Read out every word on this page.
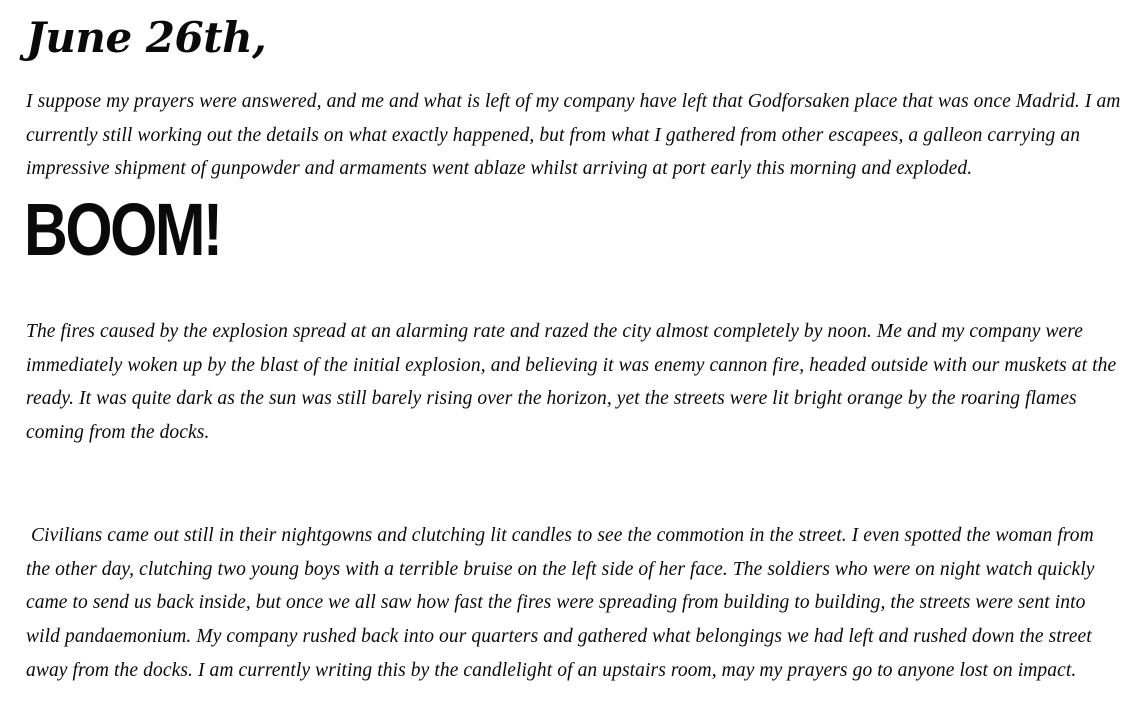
June 26th,

I suppose my prayers were answered, and me and what is left of my company have left that Godforsaken place that was once Madrid. I am currently still working out the details on what exactly happened, but from what I gathered from other escapees, a galleon carrying an impressive shipment of gunpowder and armaments went ablaze whilst arriving at port early this morning and exploded.

BOOM!

The fires caused by the explosion spread at an alarming rate and razed the city almost completely by noon. Me and my company were immediately woken up by the blast of the initial explosion, and believing it was enemy cannon fire, headed outside with our muskets at the ready. It was quite dark as the sun was still barely rising over the horizon, yet the streets were lit bright orange by the roaring flames coming from the docks.

Civilians came out still in their nightgowns and clutching lit candles to see the commotion in the street. I even spotted the woman from the other day, clutching two young boys with a terrible bruise on the left side of her face. The soldiers who were on night watch quickly came to send us back inside, but once we all saw how fast the fires were spreading from building to building, the streets were sent into wild pandaemonium. My company rushed back into our quarters and gathered what belongings we had left and rushed down the street away from the docks. I am currently writing this by the candlelight of an upstairs room, may my prayers go to anyone lost on impact.
